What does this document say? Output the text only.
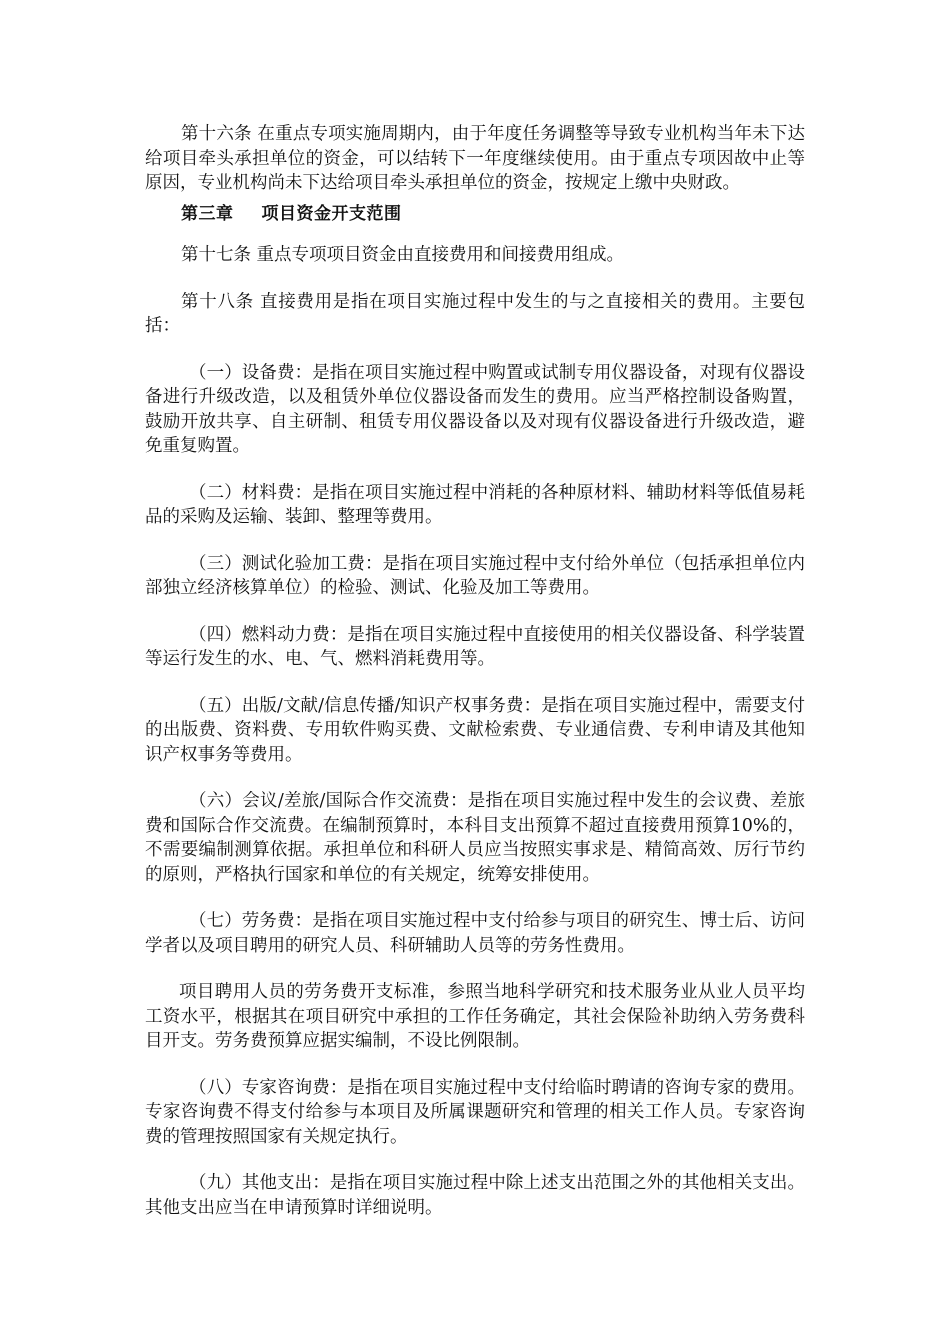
第十六条 在重点专项实施周期内，由于年度任务调整等导致专业机构当年未下达给项目牵头承担单位的资金，可以结转下一年度继续使用。由于重点专项因故中止等原因，专业机构尚未下达给项目牵头承担单位的资金，按规定上缴中央财政。

第三章 项目资金开支范围

第十七条 重点专项项目资金由直接费用和间接费用组成。

第十八条 直接费用是指在项目实施过程中发生的与之直接相关的费用。主要包括：

（一）设备费：是指在项目实施过程中购置或试制专用仪器设备，对现有仪器设备进行升级改造，以及租赁外单位仪器设备而发生的费用。应当严格控制设备购置，鼓励开放共享、自主研制、租赁专用仪器设备以及对现有仪器设备进行升级改造，避免重复购置。

（二）材料费：是指在项目实施过程中消耗的各种原材料、辅助材料等低值易耗品的采购及运输、装卸、整理等费用。

（三）测试化验加工费：是指在项目实施过程中支付给外单位（包括承担单位内部独立经济核算单位）的检验、测试、化验及加工等费用。

（四）燃料动力费：是指在项目实施过程中直接使用的相关仪器设备、科学装置等运行发生的水、电、气、燃料消耗费用等。

（五）出版/文献/信息传播/知识产权事务费：是指在项目实施过程中，需要支付的出版费、资料费、专用软件购买费、文献检索费、专业通信费、专利申请及其他知识产权事务等费用。

（六）会议/差旅/国际合作交流费：是指在项目实施过程中发生的会议费、差旅费和国际合作交流费。在编制预算时，本科目支出预算不超过直接费用预算10%的，不需要编制测算依据。承担单位和科研人员应当按照实事求是、精简高效、厉行节约的原则，严格执行国家和单位的有关规定，统筹安排使用。

（七）劳务费：是指在项目实施过程中支付给参与项目的研究生、博士后、访问学者以及项目聘用的研究人员、科研辅助人员等的劳务性费用。

项目聘用人员的劳务费开支标准，参照当地科学研究和技术服务业从业人员平均工资水平，根据其在项目研究中承担的工作任务确定，其社会保险补助纳入劳务费科目开支。劳务费预算应据实编制，不设比例限制。

（八）专家咨询费：是指在项目实施过程中支付给临时聘请的咨询专家的费用。专家咨询费不得支付给参与本项目及所属课题研究和管理的相关工作人员。专家咨询费的管理按照国家有关规定执行。

（九）其他支出：是指在项目实施过程中除上述支出范围之外的其他相关支出。其他支出应当在申请预算时详细说明。
